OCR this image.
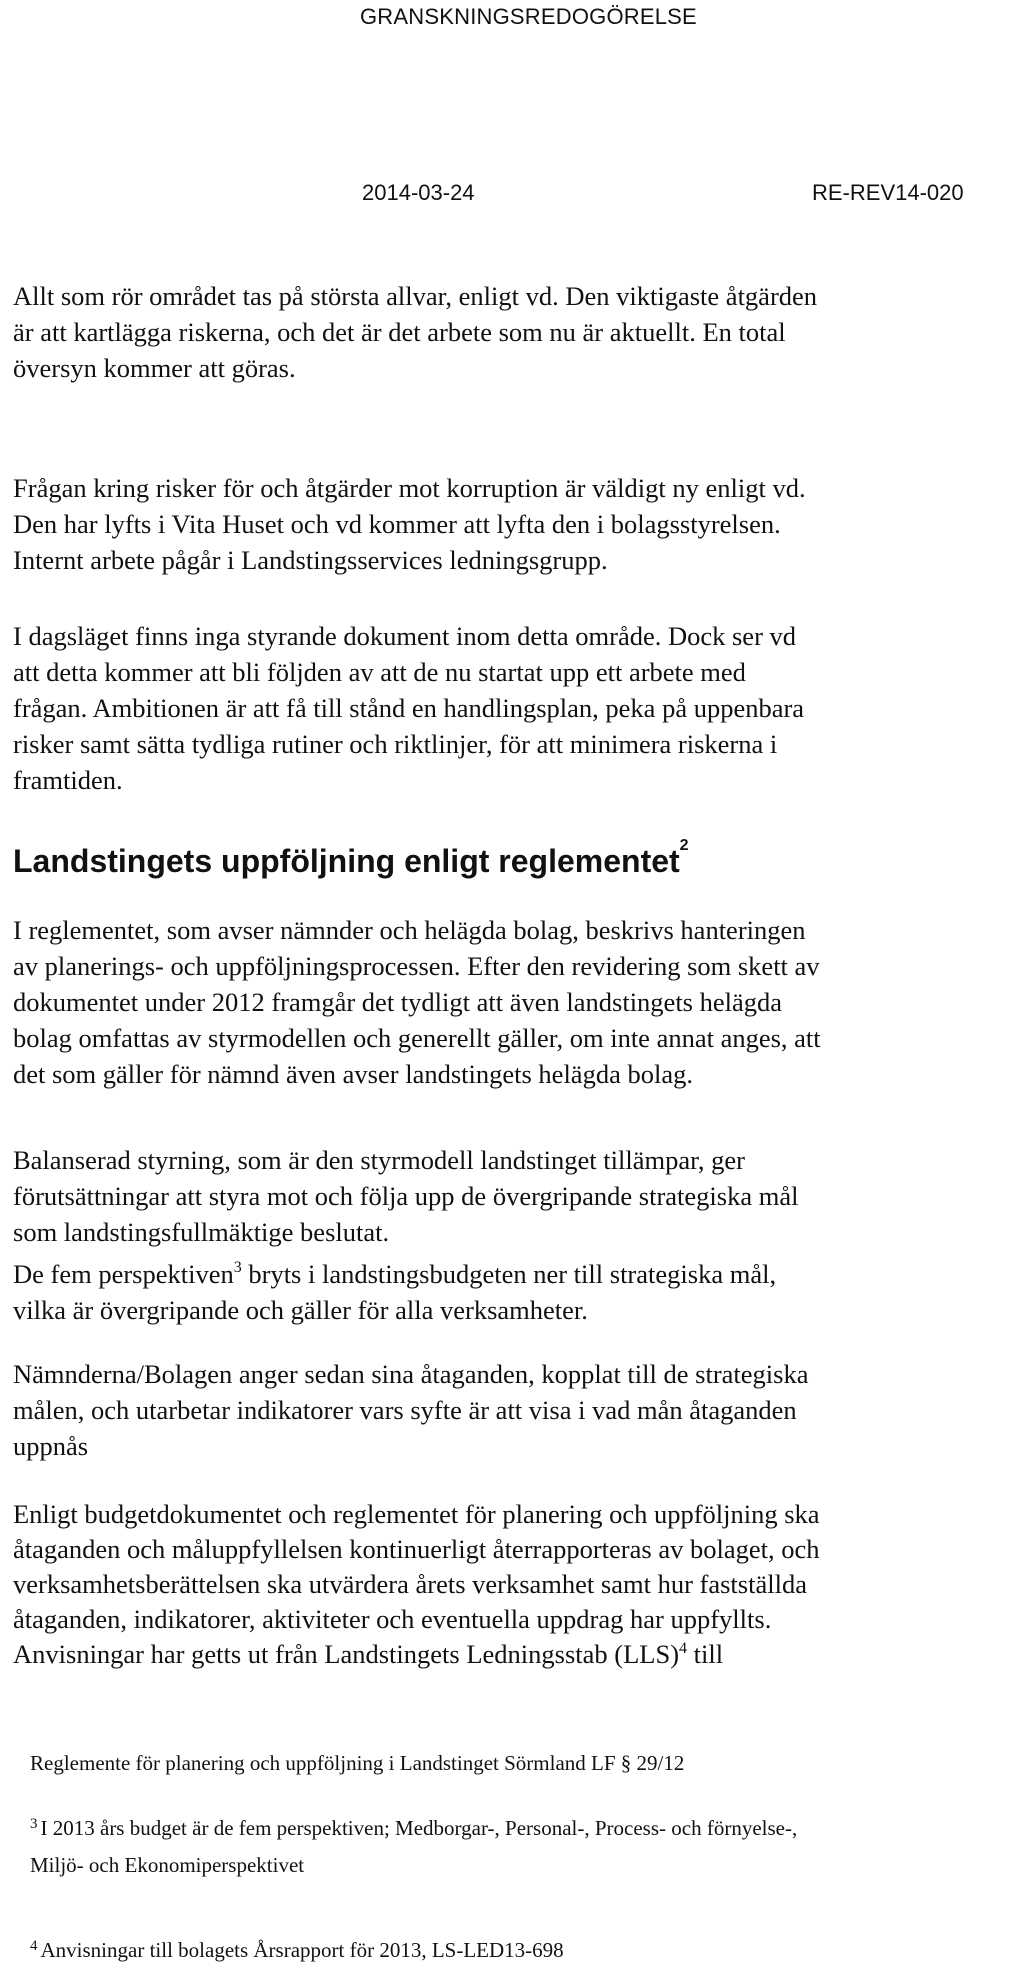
GRANSKNINGSREDOGÖRELSE
2014-03-24	RE-REV14-020
Allt som rör området tas på största allvar, enligt vd. Den viktigaste åtgärden
är att kartlägga riskerna, och det är det arbete som nu är aktuellt. En total
översyn kommer att göras.
Frågan kring risker för och åtgärder mot korruption är väldigt ny enligt vd.
Den har lyfts i Vita Huset och vd kommer att lyfta den i bolagsstyrelsen.
Internt arbete pågår i Landstingsservices ledningsgrupp.
I dagsläget finns inga styrande dokument inom detta område. Dock ser vd
att detta kommer att bli följden av att de nu startat upp ett arbete med
frågan. Ambitionen är att få till stånd en handlingsplan, peka på uppenbara
risker samt sätta tydliga rutiner och riktlinjer, för att minimera riskerna i
framtiden.
Landstingets uppföljning enligt reglementet$^2$
I reglementet, som avser nämnder och helägda bolag, beskrivs hanteringen
av planerings- och uppföljningsprocessen. Efter den revidering som skett av
dokumentet under 2012 framgår det tydligt att även landstingets helägda
bolag omfattas av styrmodellen och generellt gäller, om inte annat anges, att
det som gäller för nämnd även avser landstingets helägda bolag.
Balanserad styrning, som är den styrmodell landstinget tillämpar, ger
förutsättningar att styra mot och följa upp de övergripande strategiska mål
som landstingsfullmäktige beslutat.
De fem perspektiven$^3$ bryts i landstingsbudgeten ner till strategiska mål,
vilka är övergripande och gäller för alla verksamheter.
Nämnderna/Bolagen anger sedan sina åtaganden, kopplat till de strategiska
målen, och utarbetar indikatorer vars syfte är att visa i vad mån åtaganden
uppnås
Enligt budgetdokumentet och reglementet för planering och uppföljning ska
åtaganden och måluppfyllelsen kontinuerligt återrapporteras av bolaget, och
verksamhetsberättelsen ska utvärdera årets verksamhet samt hur fastställda
åtaganden, indikatorer, aktiviteter och eventuella uppdrag har uppfyllts.
Anvisningar har getts ut från Landstingets Ledningsstab (LLS)$^4$ till
Reglemente för planering och uppföljning i Landstinget Sörmland LF § 29/12
$^3$ I 2013 års budget är de fem perspektiven; Medborgar-, Personal-, Process- och förnyelse-,
Miljö- och Ekonomiperspektivet
$^4$ Anvisningar till bolagets Årsrapport för 2013, LS-LED13-698
